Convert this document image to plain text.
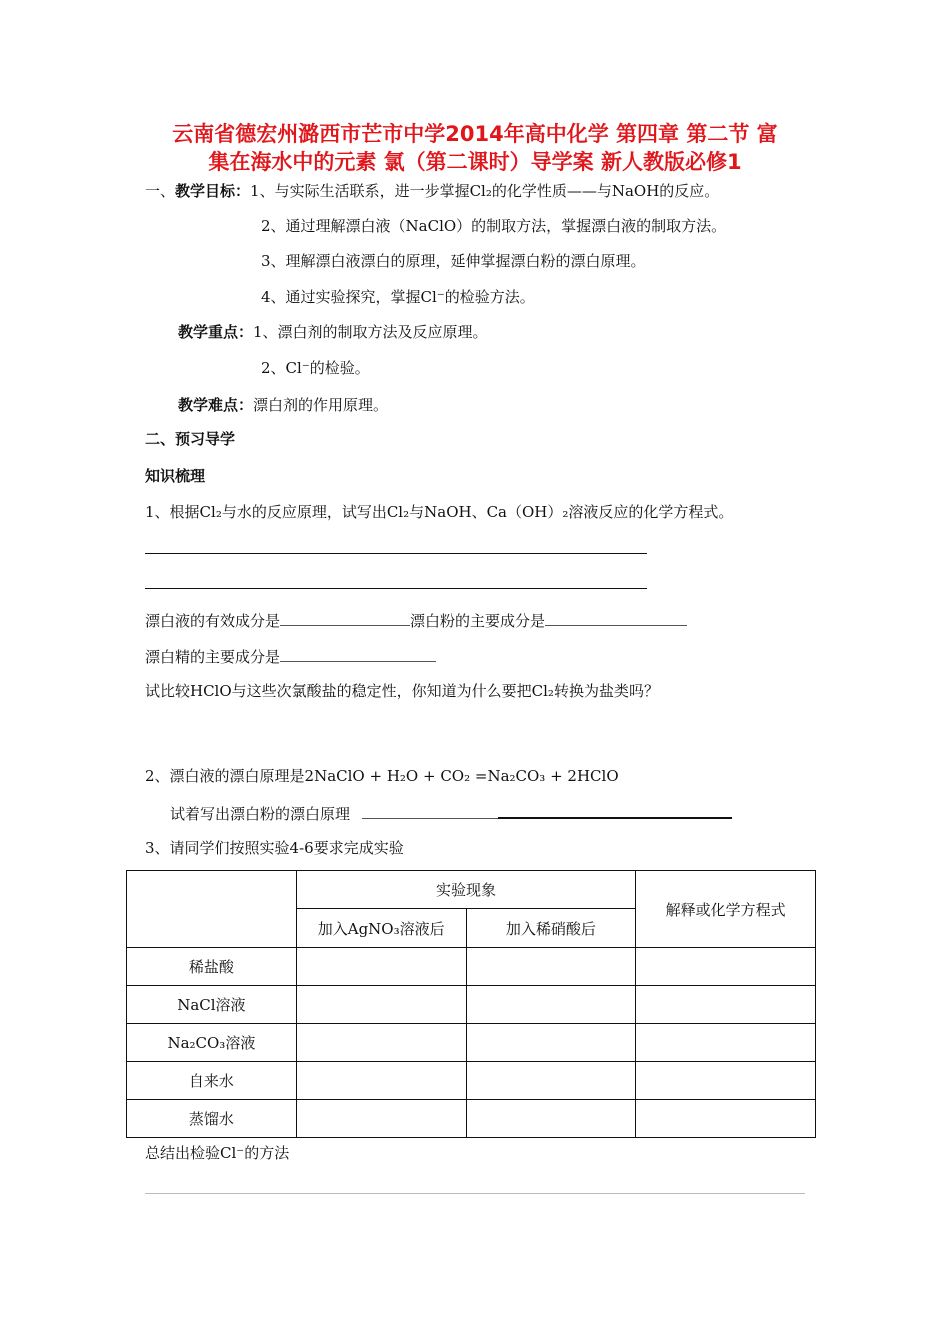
云南省德宏州潞西市芒市中学2014年高中化学 第四章 第二节 富
集在海水中的元素 氯（第二课时）导学案 新人教版必修1
一、教学目标：1、与实际生活联系，进一步掌握Cl₂的化学性质——与NaOH的反应。
2、通过理解漂白液（NaClO）的制取方法，掌握漂白液的制取方法。
3、理解漂白液漂白的原理，延伸掌握漂白粉的漂白原理。
4、通过实验探究，掌握Cl⁻的检验方法。
教学重点：1、漂白剂的制取方法及反应原理。
2、Cl⁻的检验。
教学难点：漂白剂的作用原理。
二、预习导学
知识梳理
1、根据Cl₂与水的反应原理，试写出Cl₂与NaOH、Ca（OH）₂溶液反应的化学方程式。
漂白液的有效成分是	漂白粉的主要成分是
漂白精的主要成分是
试比较HClO与这些次氯酸盐的稳定性，你知道为什么要把Cl₂转换为盐类吗？
2、漂白液的漂白原理是2NaClO + H₂O + CO₂ =Na₂CO₃ + 2HClO
试着写出漂白粉的漂白原理
3、请同学们按照实验4-6要求完成实验
	实验现象		解释或化学方程式
	加入AgNO₃溶液后	加入稀硝酸后	
稀盐酸			
NaCl溶液			
Na₂CO₃溶液			
自来水			
蒸馏水			
总结出检验Cl⁻的方法
